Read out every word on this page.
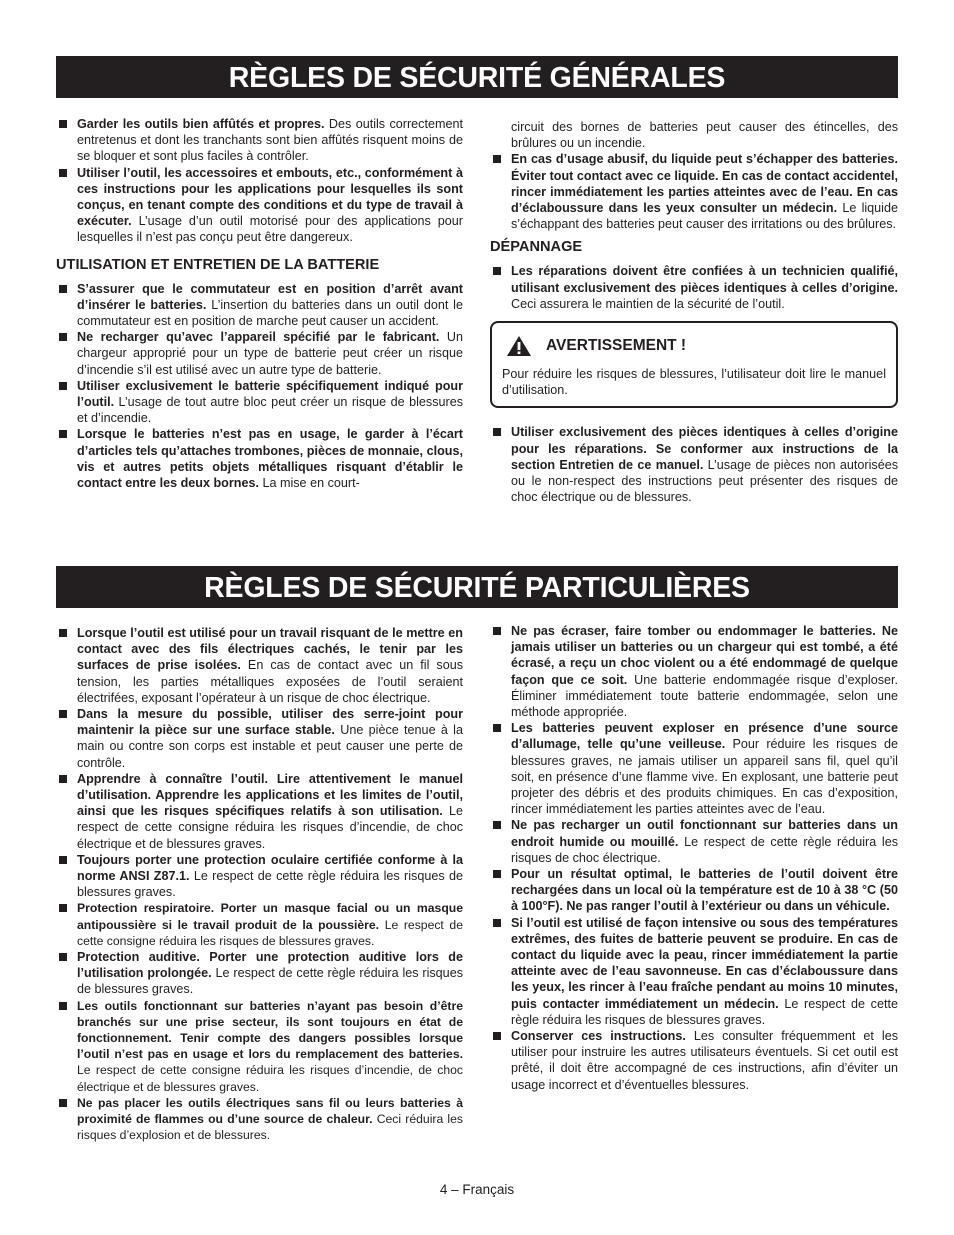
RÈGLES DE SÉCURITÉ GÉNÉRALES

Garder les outils bien affûtés et propres. Des outils correctement entretenus et dont les tranchants sont bien affûtés risquent moins de se bloquer et sont plus faciles à contrôler.

Utiliser l’outil, les accessoires et embouts, etc., conformément à ces instructions pour les applications pour lesquelles ils sont conçus, en tenant compte des conditions et du type de travail à exécuter. L’usage d’un outil motorisé pour des applications pour lesquelles il n’est pas conçu peut être dangereux.

UTILISATION ET ENTRETIEN DE LA BATTERIE

S’assurer que le commutateur est en position d’arrêt avant d’insérer le batteries. L’insertion du batteries dans un outil dont le commutateur est en position de marche peut causer un accident.

Ne recharger qu’avec l’appareil spécifié par le fabricant. Un chargeur approprié pour un type de batterie peut créer un risque d’incendie s’il est utilisé avec un autre type de batterie.

Utiliser exclusivement le batterie spécifiquement indiqué pour l’outil. L’usage de tout autre bloc peut créer un risque de blessures et d’incendie.

Lorsque le batteries n’est pas en usage, le garder à l’écart d’articles tels qu’attaches trombones, pièces de monnaie, clous, vis et autres petits objets métalliques risquant d’établir le contact entre les deux bornes. La mise en court-

circuit des bornes de batteries peut causer des étincelles, des brûlures ou un incendie.

En cas d’usage abusif, du liquide peut s’échapper des batteries. Éviter tout contact avec ce liquide. En cas de contact accidentel, rincer immédiatement les parties atteintes avec de l’eau. En cas d’éclaboussure dans les yeux consulter un médecin. Le liquide s’échappant des batteries peut causer des irritations ou des brûlures.

DÉPANNAGE

Les réparations doivent être confiées à un technicien qualifié, utilisant exclusivement des pièces identiques à celles d’origine. Ceci assurera le maintien de la sécurité de l’outil.

AVERTISSEMENT !

Pour réduire les risques de blessures, l’utilisateur doit lire le manuel d’utilisation.

Utiliser exclusivement des pièces identiques à celles d’origine pour les réparations. Se conformer aux instructions de la section Entretien de ce manuel. L’usage de pièces non autorisées ou le non-respect des instructions peut présenter des risques de choc électrique ou de blessures.

RÈGLES DE SÉCURITÉ PARTICULIÈRES

Lorsque l’outil est utilisé pour un travail risquant de le mettre en contact avec des fils électriques cachés, le tenir par les surfaces de prise isolées. En cas de contact avec un fil sous tension, les parties métalliques exposées de l’outil seraient électrifées, exposant l’opérateur à un risque de choc électrique.

Dans la mesure du possible, utiliser des serre-joint pour maintenir la pièce sur une surface stable. Une pièce tenue à la main ou contre son corps est instable et peut causer une perte de contrôle.

Apprendre à connaître l’outil. Lire attentivement le manuel d’utilisation. Apprendre les applications et les limites de l’outil, ainsi que les risques spécifiques relatifs à son utilisation. Le respect de cette consigne réduira les risques d’incendie, de choc électrique et de blessures graves.

Toujours porter une protection oculaire certifiée conforme à la norme ANSI Z87.1. Le respect de cette règle réduira les risques de blessures graves.

Protection respiratoire. Porter un masque facial ou un masque antipoussière si le travail produit de la poussière. Le respect de cette consigne réduira les risques de blessures graves.

Protection auditive. Porter une protection auditive lors de l’utilisation prolongée. Le respect de cette règle réduira les risques de blessures graves.

Les outils fonctionnant sur batteries n’ayant pas besoin d’être branchés sur une prise secteur, ils sont toujours en état de fonctionnement. Tenir compte des dangers possibles lorsque l’outil n’est pas en usage et lors du remplacement des batteries. Le respect de cette consigne réduira les risques d’incendie, de choc électrique et de blessures graves.

Ne pas placer les outils électriques sans fil ou leurs batteries à proximité de flammes ou d’une source de chaleur. Ceci réduira les risques d’explosion et de blessures.

Ne pas écraser, faire tomber ou endommager le batteries. Ne jamais utiliser un batteries ou un chargeur qui est tombé, a été écrasé, a reçu un choc violent ou a été endommagé de quelque façon que ce soit. Une batterie endommagée risque d’exploser. Éliminer immédiatement toute batterie endommagée, selon une méthode appropriée.

Les batteries peuvent exploser en présence d’une source d’allumage, telle qu’une veilleuse. Pour réduire les risques de blessures graves, ne jamais utiliser un appareil sans fil, quel qu’il soit, en présence d’une flamme vive. En explosant, une batterie peut projeter des débris et des produits chimiques. En cas d’exposition, rincer immédiatement les parties atteintes avec de l’eau.

Ne pas recharger un outil fonctionnant sur batteries dans un endroit humide ou mouillé. Le respect de cette règle réduira les risques de choc électrique.

Pour un résultat optimal, le batteries de l’outil doivent être rechargées dans un local où la température est de 10 à 38 °C (50 à 100°F). Ne pas ranger l’outil à l’extérieur ou dans un véhicule.

Si l’outil est utilisé de façon intensive ou sous des températures extrêmes, des fuites de batterie peuvent se produire. En cas de contact du liquide avec la peau, rincer immédiatement la partie atteinte avec de l’eau savonneuse. En cas d’éclaboussure dans les yeux, les rincer à l’eau fraîche pendant au moins 10 minutes, puis contacter immédiatement un médecin. Le respect de cette règle réduira les risques de blessures graves.

Conserver ces instructions. Les consulter fréquemment et les utiliser pour instruire les autres utilisateurs éventuels. Si cet outil est prêté, il doit être accompagné de ces instructions, afin d’éviter un usage incorrect et d’éventuelles blessures.

4 – Français
